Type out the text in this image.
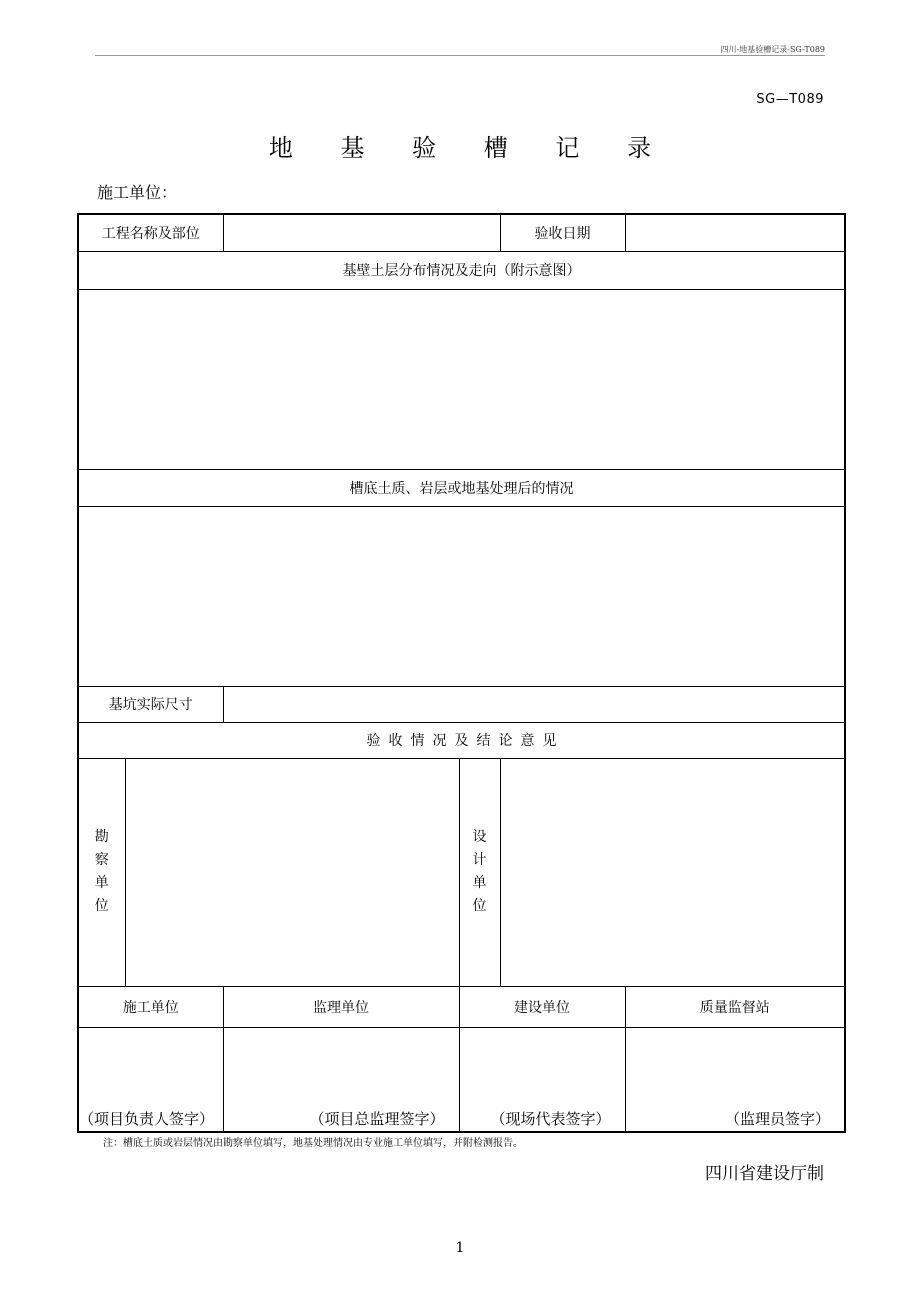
四川-地基验槽记录-SG-T089
SG—T089
地 基 验 槽 记 录
施工单位：
工程名称及部位				验收日期	
基壁土层分布情况及走向（附示意图）					

槽底土质、岩层或地基处理后的情况					

基坑实际尺寸					
验收情况及结论意见					

勘
察
单
位			设
计
单
位		

施工单位		监理单位	建设单位		质量监督站
（项目负责人签字）		（项目总监理签字）	（现场代表签字）		（监理员签字）
注：槽底土质或岩层情况由勘察单位填写，地基处理情况由专业施工单位填写，并附检测报告。
四川省建设厅制
1
